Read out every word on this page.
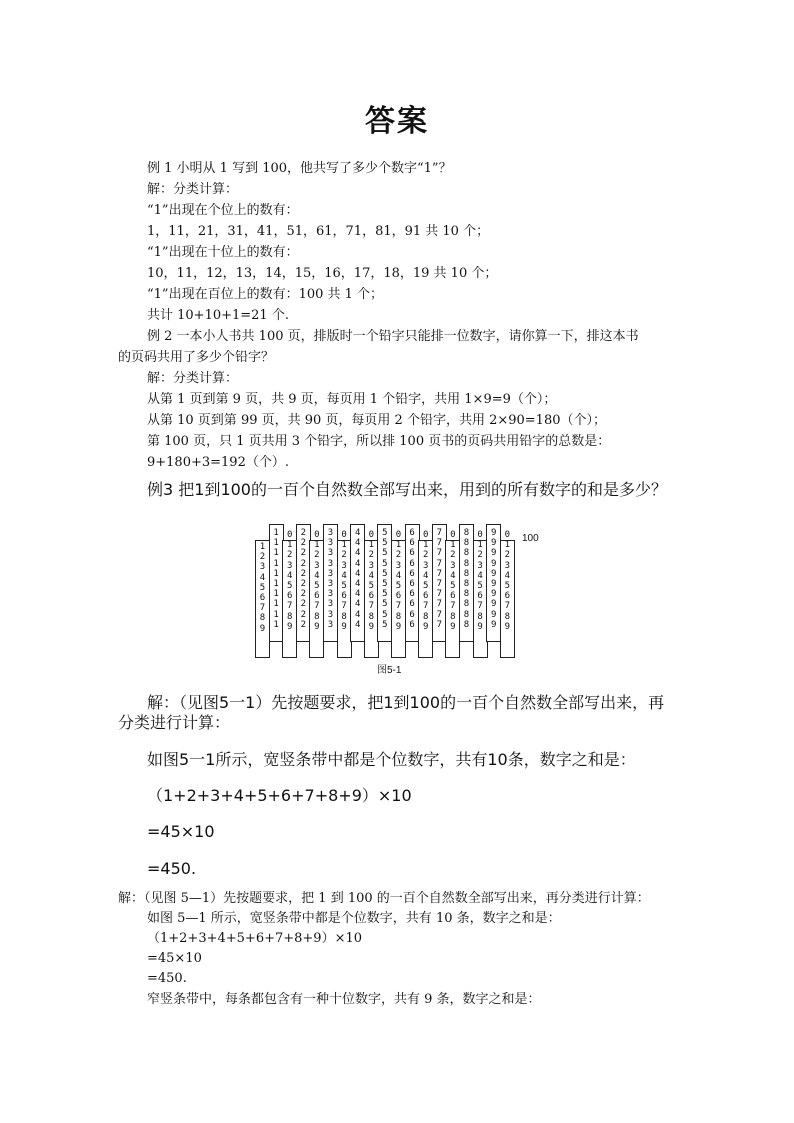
答案
例 1 小明从 1 写到 100，他共写了多少个数字“1”？
解：分类计算：
“1”出现在个位上的数有：
1，11，21，31，41，51，61，71，81，91 共 10 个；
“1”出现在十位上的数有：
10，11，12，13，14，15，16，17，18，19 共 10 个；
“1”出现在百位上的数有：100 共 1 个；
共计 10+10+1=21 个.
例 2 一本小人书共 100 页，排版时一个铅字只能排一位数字，请你算一下，排这本书
的页码共用了多少个铅字？
解：分类计算：
从第 1 页到第 9 页，共 9 页，每页用 1 个铅字，共用 1×9=9（个）；
从第 10 页到第 99 页，共 90 页，每页用 2 个铅字，共用 2×90=180（个）；
第 100 页，只 1 页共用 3 个铅字，所以排 100 页书的页码共用铅字的总数是：
9+180+3=192（个）.
例3 把1到100的一百个自然数全部写出来，用到的所有数字的和是多少？
100
图5-1
1
2
3
4
5
6
7
8
9
1
1
1
1
1
1
1
1
1
1
0
1
2
3
4
5
6
7
8
9
2
2
2
2
2
2
2
2
2
2
0
1
2
3
4
5
6
7
8
9
3
3
3
3
3
3
3
3
3
3
0
1
2
3
4
5
6
7
8
9
4
4
4
4
4
4
4
4
4
4
0
1
2
3
4
5
6
7
8
9
5
5
5
5
5
5
5
5
5
5
0
1
2
3
4
5
6
7
8
9
6
6
6
6
6
6
6
6
6
6
0
1
2
3
4
5
6
7
8
9
7
7
7
7
7
7
7
7
7
7
0
1
2
3
4
5
6
7
8
9
8
8
8
8
8
8
8
8
8
8
0
1
2
3
4
5
6
7
8
9
9
9
9
9
9
9
9
9
9
9
0
1
2
3
4
5
6
7
8
9
解：（见图5一1）先按题要求，把1到100的一百个自然数全部写出来，再
分类进行计算：
如图5一1所示，宽竖条带中都是个位数字，共有10条，数字之和是：
（1+2+3+4+5+6+7+8+9）×10
=45×10
=450.
解：（见图 5—1）先按题要求，把 1 到 100 的一百个自然数全部写出来，再分类进行计算：
如图 5—1 所示，宽竖条带中都是个位数字，共有 10 条，数字之和是：
（1+2+3+4+5+6+7+8+9）×10
=45×10
=450.
窄竖条带中，每条都包含有一种十位数字，共有 9 条，数字之和是：
